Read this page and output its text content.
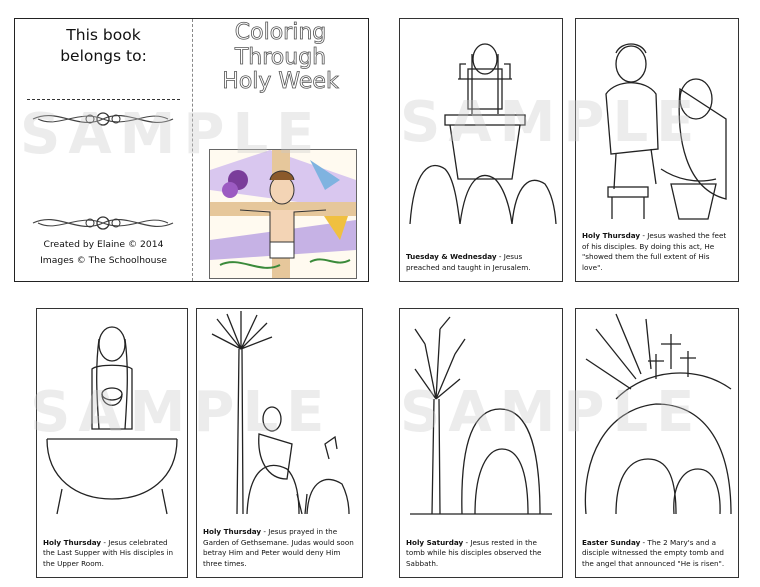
This book
belongs to:
Created by Elaine © 2014
Images © The Schoolhouse
Coloring
Through
Holy Week
Tuesday & Wednesday - Jesus preached and taught in Jerusalem.
Holy Thursday - Jesus washed the feet of his disciples. By doing this act, He "showed them the full extent of His love".
Holy Thursday - Jesus celebrated the Last Supper with His disciples in the Upper Room.
Holy Thursday - Jesus prayed in the Garden of Gethsemane. Judas would soon betray Him and Peter would deny Him three times.
Holy Saturday - Jesus rested in the tomb while his disciples observed the Sabbath.
Easter Sunday - The 2 Mary's and a disciple witnessed the empty tomb and the angel that announced "He is risen".
SAMPLE SAMPLE
SAMPLE SAMPLE
